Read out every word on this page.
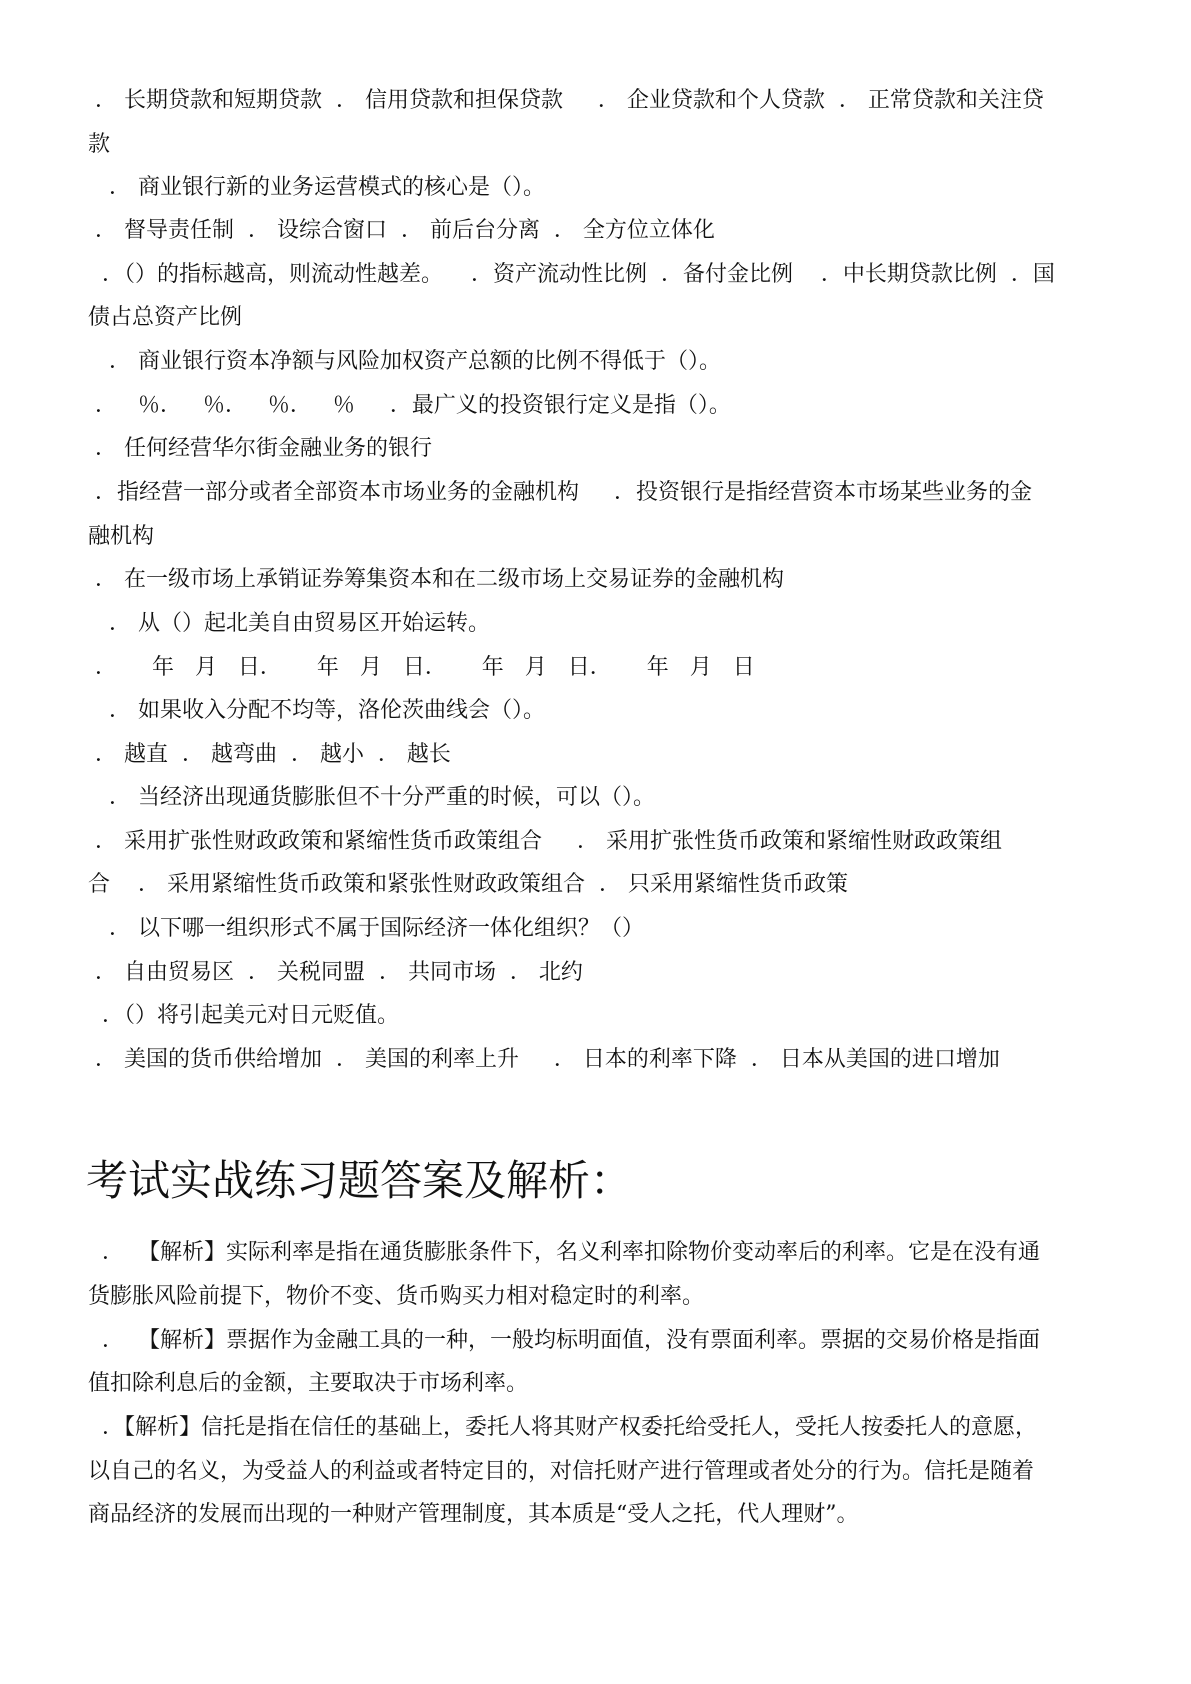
． 长期贷款和短期贷款  ． 信用贷款和担保贷款     ． 企业贷款和个人贷款  ． 正常贷款和关注贷
款
． 商业银行新的业务运营模式的核心是（）。
． 督导责任制  ． 设综合窗口  ． 前后台分离  ． 全方位立体化
．（）的指标越高，则流动性越差。    ．资产流动性比例  ．备付金比例    ．中长期贷款比例  ．国
债占总资产比例
． 商业银行资本净额与风险加权资产总额的比例不得低于（）。
．   ％．   ％．   ％．   ％     ．最广义的投资银行定义是指（）。
． 任何经营华尔街金融业务的银行
．指经营一部分或者全部资本市场业务的金融机构     ．投资银行是指经营资本市场某些业务的金
融机构
． 在一级市场上承销证券筹集资本和在二级市场上交易证券的金融机构
． 从（）起北美自由贸易区开始运转。
．     年   月   日．     年   月   日．     年   月   日．     年   月   日
． 如果收入分配不均等，洛伦茨曲线会（）。
． 越直  ． 越弯曲  ． 越小  ． 越长
． 当经济出现通货膨胀但不十分严重的时候，可以（）。
． 采用扩张性财政政策和紧缩性货币政策组合     ． 采用扩张性货币政策和紧缩性财政政策组
合    ． 采用紧缩性货币政策和紧张性财政政策组合  ． 只采用紧缩性货币政策
． 以下哪一组织形式不属于国际经济一体化组织？（）
． 自由贸易区  ． 关税同盟  ． 共同市场  ． 北约
．（）将引起美元对日元贬值。
． 美国的货币供给增加  ． 美国的利率上升     ． 日本的利率下降  ． 日本从美国的进口增加
考试实战练习题答案及解析：
．  【解析】实际利率是指在通货膨胀条件下，名义利率扣除物价变动率后的利率。它是在没有通
货膨胀风险前提下，物价不变、货币购买力相对稳定时的利率。
．  【解析】票据作为金融工具的一种，一般均标明面值，没有票面利率。票据的交易价格是指面
值扣除利息后的金额，主要取决于市场利率。
．【解析】信托是指在信任的基础上，委托人将其财产权委托给受托人，受托人按委托人的意愿，
以自己的名义，为受益人的利益或者特定目的，对信托财产进行管理或者处分的行为。信托是随着
商品经济的发展而出现的一种财产管理制度，其本质是“受人之托，代人理财”。
